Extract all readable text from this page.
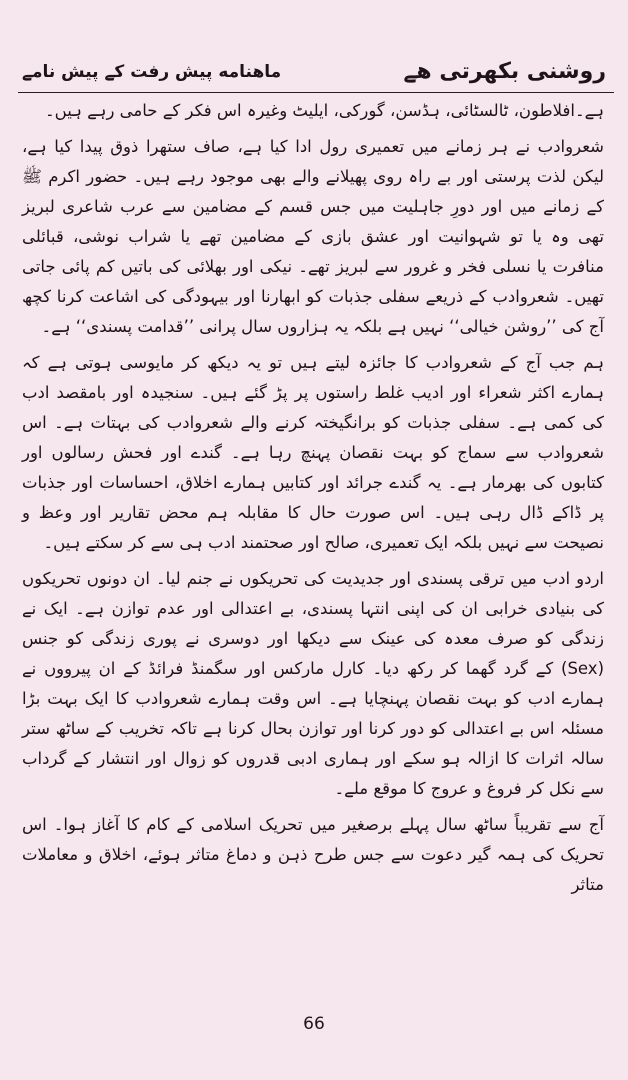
روشنی بکھرتی ھے
ماهنامه پیش رفت کے پیش نامے

ہے۔افلاطون، ٹالسٹائی، ہڈسن، گورکی، ایلیٹ وغیرہ اس فکر کے حامی رہے ہیں۔

شعروادب نے ہر زمانے میں تعمیری رول ادا کیا ہے، صاف ستھرا ذوق پیدا کیا ہے، لیکن لذت پرستی اور بے راہ روی پھیلانے والے بھی موجود رہے ہیں۔ حضور اکرم ﷺ کے زمانے میں اور دورِ جاہلیت میں جس قسم کے مضامین سے عرب شاعری لبریز تھی وہ یا تو شہوانیت اور عشق بازی کے مضامین تھے یا شراب نوشی، قبائلی منافرت یا نسلی فخر و غرور سے لبریز تھے۔ نیکی اور بھلائی کی باتیں کم پائی جاتی تھیں۔ شعروادب کے ذریعے سفلی جذبات کو ابھارنا اور بیہودگی کی اشاعت کرنا کچھ آج کی ’’روشن خیالی‘‘ نہیں ہے بلکہ یہ ہزاروں سال پرانی ’’قدامت پسندی‘‘ ہے۔

ہم جب آج کے شعروادب کا جائزہ لیتے ہیں تو یہ دیکھ کر مایوسی ہوتی ہے کہ ہمارے اکثر شعراء اور ادیب غلط راستوں پر پڑ گئے ہیں۔ سنجیدہ اور بامقصد ادب کی کمی ہے۔ سفلی جذبات کو برانگیختہ کرنے والے شعروادب کی بہتات ہے۔ اس شعروادب سے سماج کو بہت نقصان پہنچ رہا ہے۔ گندے اور فحش رسالوں اور کتابوں کی بھرمار ہے۔ یہ گندے جرائد اور کتابیں ہمارے اخلاق، احساسات اور جذبات پر ڈاکے ڈال رہی ہیں۔ اس صورت حال کا مقابلہ ہم محض تقاریر اور وعظ و نصیحت سے نہیں بلکہ ایک تعمیری، صالح اور صحتمند ادب ہی سے کر سکتے ہیں۔

اردو ادب میں ترقی پسندی اور جدیدیت کی تحریکوں نے جنم لیا۔ ان دونوں تحریکوں کی بنیادی خرابی ان کی اپنی انتہا پسندی، بے اعتدالی اور عدم توازن ہے۔ ایک نے زندگی کو صرف معدہ کی عینک سے دیکھا اور دوسری نے پوری زندگی کو جنس (Sex) کے گرد گھما کر رکھ دیا۔ کارل مارکس اور سگمنڈ فرائڈ کے ان پیرووں نے ہمارے ادب کو بہت نقصان پہنچایا ہے۔ اس وقت ہمارے شعروادب کا ایک بہت بڑا مسئلہ اس بے اعتدالی کو دور کرنا اور توازن بحال کرنا ہے تاکہ تخریب کے ساٹھ ستر سالہ اثرات کا ازالہ ہو سکے اور ہماری ادبی قدروں کو زوال اور انتشار کے گرداب سے نکل کر فروغ و عروج کا موقع ملے۔

آج سے تقریباً ساٹھ سال پہلے برصغیر میں تحریک اسلامی کے کام کا آغاز ہوا۔ اس تحریک کی ہمہ گیر دعوت سے جس طرح ذہن و دماغ متاثر ہوئے، اخلاق و معاملات متاثر

66
